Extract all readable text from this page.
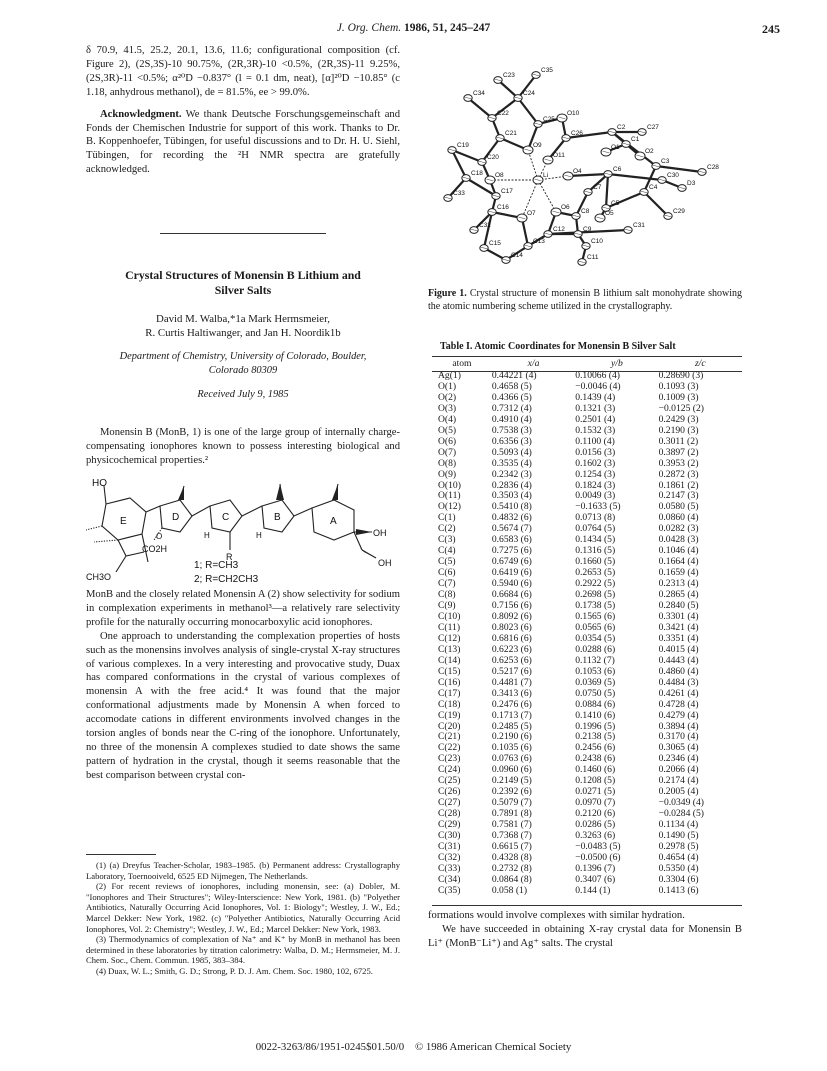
J. Org. Chem. 1986, 51, 245–247	245

δ 70.9, 41.5, 25.2, 20.1, 13.6, 11.6; configurational composition (cf. Figure 2), (2S,3S)-10 90.75%, (2R,3R)-10 <0.5%, (2R,3S)-11 9.25%, (2S,3R)-11 <0.5%; α²⁰D −0.837° (l = 0.1 dm, neat), [α]²⁰D −10.85° (c 1.18, anhydrous methanol), de = 81.5%, ee > 99.0%.

Acknowledgment. We thank Deutsche Forschungsgemeinschaft and Fonds der Chemischen Industrie for support of this work. Thanks to Dr. B. Koppenhoefer, Tübingen, for useful discussions and to Dr. H. U. Siehl, Tübingen, for recording the ²H NMR spectra are gratefully acknowledged.

Crystal Structures of Monensin B Lithium and
Silver Salts
David M. Walba,*1a Mark Hermsmeier,
R. Curtis Haltiwanger, and Jan H. Noordik1b
Department of Chemistry, University of Colorado, Boulder,
Colorado 80309
Received July 9, 1985

Monensin B (MonB, 1) is one of the large group of internally charge-compensating ionophores known to possess interesting biological and physicochemical properties.²

HO
E	D	C	B	A
O	H	H
R
CO2H
CH3O
OH
OH
1; R=CH3
2; R=CH2CH3

MonB and the closely related Monensin A (2) show selectivity for sodium in complexation experiments in methanol³—a relatively rare selectivity profile for the naturally occurring monocarboxylic acid ionophores.

One approach to understanding the complexation properties of hosts such as the monensins involves analysis of single-crystal X-ray structures of various complexes. In a very interesting and provocative study, Duax has compared conformations in the crystal of various complexes of monensin A with the free acid.⁴ It was found that the major conformational adjustments made by Monensin A when forced to accomodate cations in different environments involved changes in the torsion angles of bonds near the C-ring of the ionophore. Unfortunately, no three of the monensin A complexes studied to date shows the same pattern of hydration in the crystal, though it seems reasonable that the best comparison between crystal con-

(1) (a) Dreyfus Teacher-Scholar, 1983–1985. (b) Permanent address: Crystallography Laboratory, Toernooiveld, 6525 ED Nijmegen, The Netherlands.

(2) For recent reviews of ionophores, including monensin, see: (a) Dobler, M. "Ionophores and Their Structures"; Wiley-Interscience: New York, 1981. (b) "Polyether Antibiotics, Naturally Occurring Acid Ionophores, Vol. 1: Biology"; Westley, J. W., Ed.; Marcel Dekker: New York, 1982. (c) "Polyether Antibiotics, Naturally Occurring Acid Ionophores, Vol. 2: Chemistry"; Westley, J. W., Ed.; Marcel Dekker: New York, 1983.

(3) Thermodynamics of complexation of Na⁺ and K⁺ by MonB in methanol has been determined in these laboratories by titration calorimetry: Walba, D. M.; Hermsmeier, M. J. Chem. Soc., Chem. Commun. 1985, 383–384.

(4) Duax, W. L.; Smith, G. D.; Strong, P. D. J. Am. Chem. Soc. 1980, 102, 6725.

C23
C35
C34	C24
C22
C25
O10
C27
C21	C26
C2
O9
C1
C19	O1
O2
C20	O11
C3
C18 O8	Li
O4	C6
C30
D3
C28
C33	C17
C7	C4
C16
O7
O6
C8
C5
C31
C29
C32
O5
C12
C15	C13
C11
C9
C14
C10
Figure 1. Crystal structure of monensin B lithium salt monohydrate showing the atomic numbering scheme utilized in the crystallography.
Table I. Atomic Coordinates for Monensin B Silver Salt
atom	x/a	y/b	z/c
Ag(1)	0.44221 (4)	0.10066 (4)	0.28690 (3)
O(1)	0.4658 (5)	−0.0046 (4)	0.1093 (3)
O(2)	0.4366 (5)	0.1439 (4)	0.1009 (3)
O(3)	0.7312 (4)	0.1321 (3)	−0.0125 (2)
O(4)	0.4910 (4)	0.2501 (4)	0.2429 (3)
O(5)	0.7538 (3)	0.1532 (3)	0.2190 (3)
O(6)	0.6356 (3)	0.1100 (4)	0.3011 (2)
O(7)	0.5093 (4)	0.0156 (3)	0.3897 (2)
O(8)	0.3535 (4)	0.1602 (3)	0.3953 (2)
O(9)	0.2342 (3)	0.1254 (3)	0.2872 (3)
O(10)	0.2836 (4)	0.1824 (3)	0.1861 (2)
O(11)	0.3503 (4)	0.0049 (3)	0.2147 (3)
O(12)	0.5410 (8)	−0.1633 (5)	0.0580 (5)
C(1)	0.4832 (6)	0.0713 (8)	0.0860 (4)
C(2)	0.5674 (7)	0.0764 (5)	0.0282 (3)
C(3)	0.6583 (6)	0.1434 (5)	0.0428 (3)
C(4)	0.7275 (6)	0.1316 (5)	0.1046 (4)
C(5)	0.6749 (6)	0.1660 (5)	0.1664 (4)
C(6)	0.6419 (6)	0.2653 (5)	0.1659 (4)
C(7)	0.5940 (6)	0.2922 (5)	0.2313 (4)
C(8)	0.6684 (6)	0.2698 (5)	0.2865 (4)
C(9)	0.7156 (6)	0.1738 (5)	0.2840 (5)
C(10)	0.8092 (6)	0.1565 (6)	0.3301 (4)
C(11)	0.8023 (6)	0.0565 (6)	0.3421 (4)
C(12)	0.6816 (6)	0.0354 (5)	0.3351 (4)
C(13)	0.6223 (6)	0.0288 (6)	0.4015 (4)
C(14)	0.6253 (6)	0.1132 (7)	0.4443 (4)
C(15)	0.5217 (6)	0.1053 (6)	0.4860 (4)
C(16)	0.4481 (7)	0.0369 (5)	0.4484 (3)
C(17)	0.3413 (6)	0.0750 (5)	0.4261 (4)
C(18)	0.2476 (6)	0.0884 (6)	0.4728 (4)
C(19)	0.1713 (7)	0.1410 (6)	0.4279 (4)
C(20)	0.2485 (5)	0.1996 (5)	0.3894 (4)
C(21)	0.2190 (6)	0.2138 (5)	0.3170 (4)
C(22)	0.1035 (6)	0.2456 (6)	0.3065 (4)
C(23)	0.0763 (6)	0.2438 (6)	0.2346 (4)
C(24)	0.0960 (6)	0.1460 (6)	0.2066 (4)
C(25)	0.2149 (5)	0.1208 (5)	0.2174 (4)
C(26)	0.2392 (6)	0.0271 (5)	0.2005 (4)
C(27)	0.5079 (7)	0.0970 (7)	−0.0349 (4)
C(28)	0.7891 (8)	0.2120 (6)	−0.0284 (5)
C(29)	0.7581 (7)	0.0286 (5)	0.1134 (4)
C(30)	0.7368 (7)	0.3263 (6)	0.1490 (5)
C(31)	0.6615 (7)	−0.0483 (5)	0.2978 (5)
C(32)	0.4328 (8)	−0.0500 (6)	0.4654 (4)
C(33)	0.2732 (8)	0.1396 (7)	0.5350 (4)
C(34)	0.0864 (8)	0.3407 (6)	0.3304 (6)
C(35)	0.058 (1)	0.144 (1)	0.1413 (6)

formations would involve complexes with similar hydration.

We have succeeded in obtaining X-ray crystal data for Monensin B Li⁺ (MonB⁻Li⁺) and Ag⁺ salts. The crystal

0022-3263/86/1951-0245$01.50/0 © 1986 American Chemical Society
